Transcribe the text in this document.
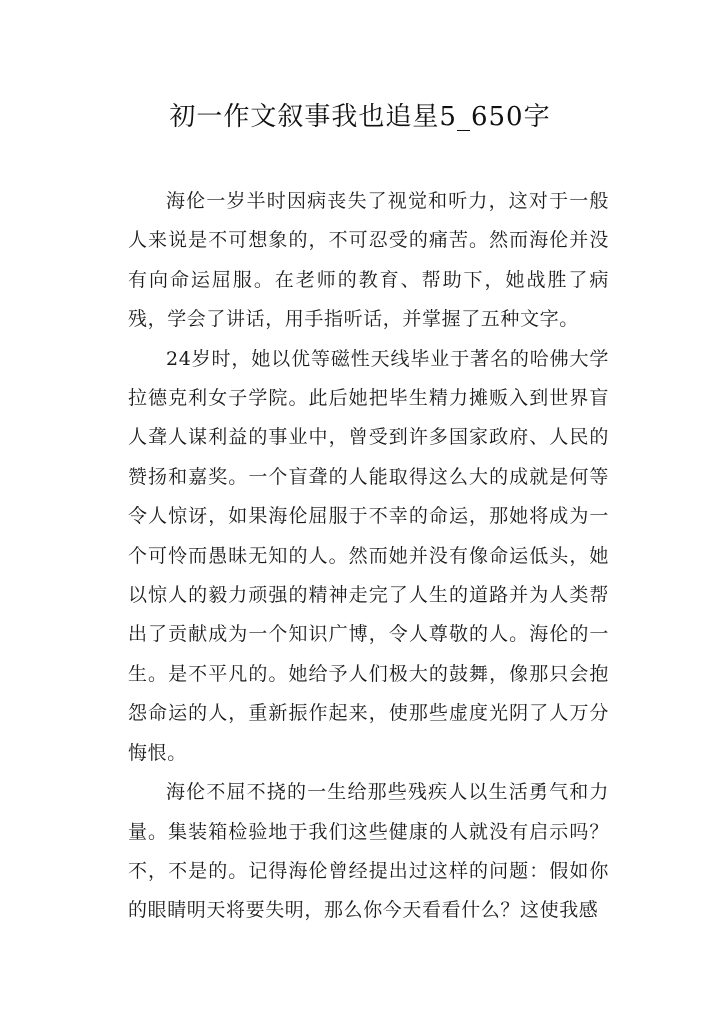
初一作文叙事我也追星5_650字

海伦一岁半时因病丧失了视觉和听力，这对于一般人来说是不可想象的，不可忍受的痛苦。然而海伦并没有向命运屈服。在老师的教育、帮助下，她战胜了病残，学会了讲话，用手指听话，并掌握了五种文字。

24岁时，她以优等磁性天线毕业于著名的哈佛大学拉德克利女子学院。此后她把毕生精力摊贩入到世界盲人聋人谋利益的事业中，曾受到许多国家政府、人民的赞扬和嘉奖。一个盲聋的人能取得这么大的成就是何等令人惊讶，如果海伦屈服于不幸的命运，那她将成为一个可怜而愚昧无知的人。然而她并没有像命运低头，她以惊人的毅力顽强的精神走完了人生的道路并为人类帮出了贡献成为一个知识广博，令人尊敬的人。海伦的一生。是不平凡的。她给予人们极大的鼓舞，像那只会抱怨命运的人，重新振作起来，使那些虚度光阴了人万分悔恨。

海伦不屈不挠的一生给那些残疾人以生活勇气和力量。集装箱检验地于我们这些健康的人就没有启示吗？不，不是的。记得海伦曾经提出过这样的问题：假如你的眼睛明天将要失明，那么你今天看看什么？这使我感
